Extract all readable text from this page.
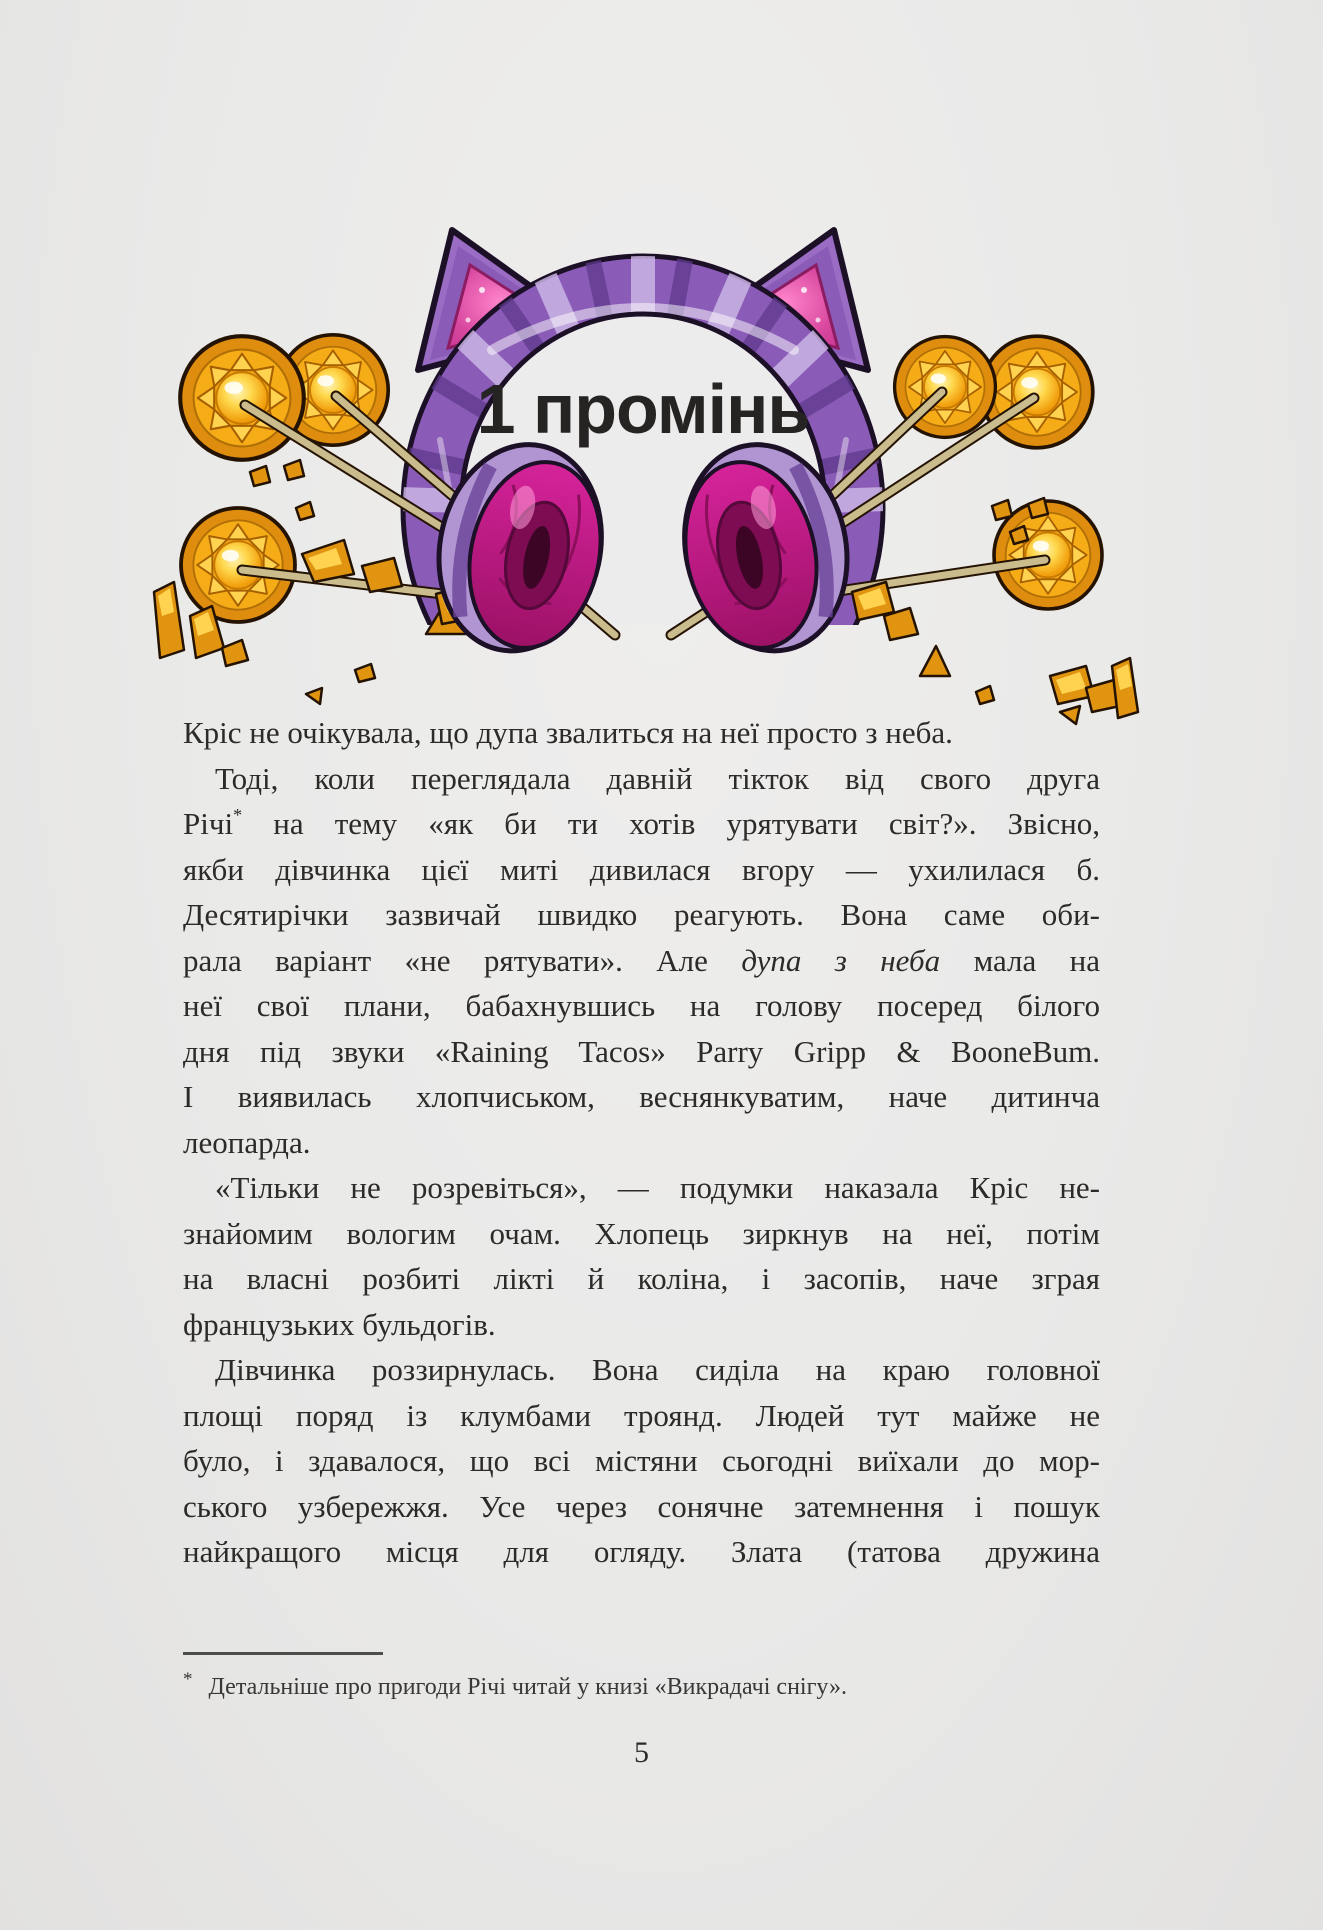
1 промінь
Кріс не очікувала, що дупа звалиться на неї просто з неба.
Тоді, коли переглядала давній тікток від свого друга
Річі* на тему «як би ти хотів урятувати світ?». Звісно,
якби дівчинка цієї миті дивилася вгору — ухилилася б.
Десятирічки зазвичай швидко реагують. Вона саме оби-
рала варіант «не рятувати». Але дупа з неба мала на
неї свої плани, бабахнувшись на голову посеред білого
дня під звуки «Raining Tacos» Parry Gripp & BooneBum.
І виявилась хлопчиськом, веснянкуватим, наче дитинча
леопарда.
«Тільки не розревіться», — подумки наказала Кріс не-
знайомим вологим очам. Хлопець зиркнув на неї, потім
на власні розбиті лікті й коліна, і засопів, наче зграя
французьких бульдогів.
Дівчинка роззирнулась. Вона сиділа на краю головної
площі поряд із клумбами троянд. Людей тут майже не
було, і здавалося, що всі містяни сьогодні виїхали до мор-
ського узбережжя. Усе через сонячне затемнення і пошук
найкращого місця для огляду. Злата (татова дружина
* Детальніше про пригоди Річі читай у книзі «Викрадачі снігу».
5
